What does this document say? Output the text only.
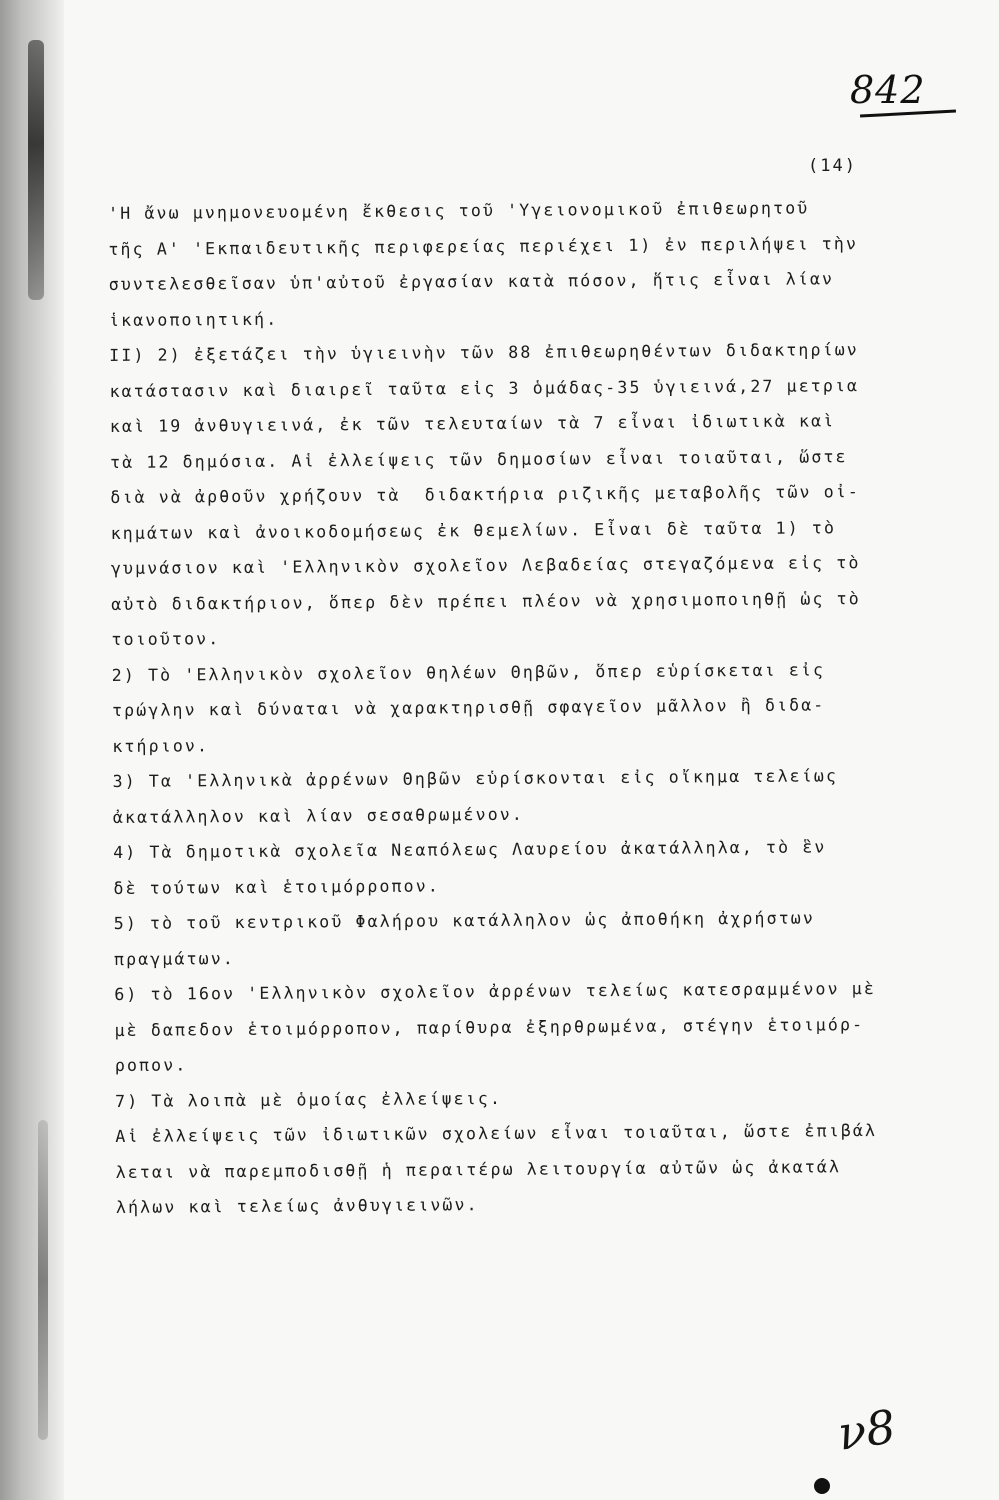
842
(14)
'Η ἄνω μνημονευομένη ἔκθεσις τοῦ 'Υγειονομικοῦ ἐπιθεωρητοῦ
τῆς Α' 'Εκπαιδευτικῆς περιφερείας περιέχει 1) ἐν περιλήψει τὴν
συντελεσθεῖσαν ὑπ'αὐτοῦ ἐργασίαν κατὰ πόσον, ἥτις εἶναι λίαν
ἱκανοποιητική.
ΙΙ) 2) ἐξετάζει τὴν ὑγιεινὴν τῶν 88 ἐπιθεωρηθέντων διδακτηρίων
κατάστασιν καὶ διαιρεῖ ταῦτα εἰς 3 ὁμάδας-35 ὑγιεινά,27 μετρια
καὶ 19 ἀνθυγιεινά, ἐκ τῶν τελευταίων τὰ 7 εἶναι ἰδιωτικὰ καὶ
τὰ 12 δημόσια. Αἱ ἐλλείψεις τῶν δημοσίων εἶναι τοιαῦται, ὥστε
διὰ νὰ ἀρθοῦν χρήζουν τὰ  διδακτήρια ριζικῆς μεταβολῆς τῶν οἰ-
κημάτων καὶ ἀνοικοδομήσεως ἐκ θεμελίων. Εἶναι δὲ ταῦτα 1) τὸ
γυμνάσιον καὶ 'Ελληνικὸν σχολεῖον Λεβαδείας στεγαζόμενα εἰς τὸ
αὐτὸ διδακτήριον, ὅπερ δὲν πρέπει πλέον νὰ χρησιμοποιηθῇ ὡς τὸ
τοιοῦτον.
2) Τὸ 'Ελληνικὸν σχολεῖον θηλέων Θηβῶν, ὅπερ εὑρίσκεται εἰς
τρώγλην καὶ δύναται νὰ χαρακτηρισθῇ σφαγεῖον μᾶλλον ἢ διδα-
κτήριον.
3) Τα 'Ελληνικὰ ἀρρένων Θηβῶν εὑρίσκονται εἰς οἴκημα τελείως
ἀκατάλληλον καὶ λίαν σεσαθρωμένον.
4) Τὰ δημοτικὰ σχολεῖα Νεαπόλεως Λαυρείου ἀκατάλληλα, τὸ ἓν
δὲ τούτων καὶ ἑτοιμόρροπον.
5) τὸ τοῦ κεντρικοῦ Φαλήρου κατάλληλον ὡς ἀποθήκη ἀχρήστων
πραγμάτων.
6) τὸ 16ον 'Ελληνικὸν σχολεῖον ἀρρένων τελείως κατεσραμμένον μὲ
μὲ δαπεδον ἑτοιμόρροπον, παρίθυρα ἐξηρθρωμένα, στέγην ἑτοιμόρ-
ροπον.
7) Τὰ λοιπὰ μὲ ὁμοίας ἐλλείψεις.
Αἱ ἐλλείψεις τῶν ἰδιωτικῶν σχολείων εἶναι τοιαῦται, ὥστε ἐπιβάλ
λεται νὰ παρεμποδισθῇ ἡ περαιτέρω λειτουργία αὐτῶν ὡς ἀκατάλ
λήλων καὶ τελείως ἀνθυγιεινῶν.
ν8
